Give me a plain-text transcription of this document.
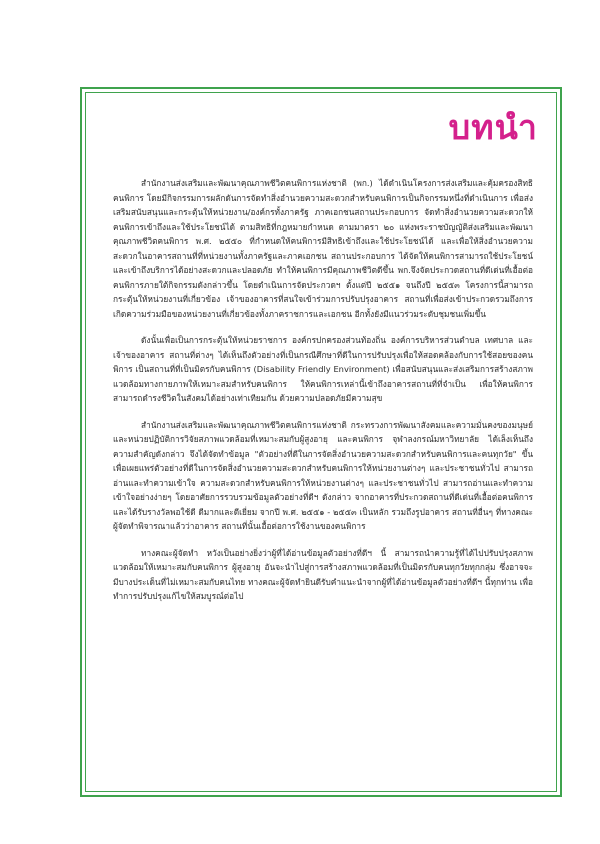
บทนำ

สำนักงานส่งเสริมและพัฒนาคุณภาพชีวิตคนพิการแห่งชาติ (พก.) ได้ดำเนินโครงการส่งเสริมและคุ้มครองสิทธิคนพิการ โดยมีกิจกรรมการผลักดันการจัดทำสิ่งอำนวยความสะดวกสำหรับคนพิการเป็นกิจกรรมหนึ่งที่ดำเนินการ เพื่อส่งเสริมสนับสนุนและกระตุ้นให้หน่วยงาน/องค์กรทั้งภาครัฐ ภาคเอกชนสถานประกอบการ จัดทำสิ่งอำนวยความสะดวกให้คนพิการเข้าถึงและใช้ประโยชน์ได้ ตามสิทธิที่กฎหมายกำหนด ตามมาตรา ๒๐ แห่งพระราชบัญญัติส่งเสริมและพัฒนาคุณภาพชีวิตคนพิการ พ.ศ. ๒๕๕๐ ที่กำหนดให้คนพิการมีสิทธิเข้าถึงและใช้ประโยชน์ได้ และเพื่อให้สิ่งอำนวยความสะดวกในอาคารสถานที่ที่หน่วยงานทั้งภาครัฐและภาคเอกชน สถานประกอบการ ได้จัดให้คนพิการสามารถใช้ประโยชน์และเข้าถึงบริการได้อย่างสะดวกและปลอดภัย ทำให้คนพิการมีคุณภาพชีวิตดีขึ้น พก.จึงจัดประกวดสถานที่ดีเด่นที่เอื้อต่อคนพิการภายใต้กิจกรรมดังกล่าวขึ้น โดยดำเนินการจัดประกวดฯ ตั้งแต่ปี ๒๕๕๑ จนถึงปี ๒๕๕๓ โครงการนี้สามารถกระตุ้นให้หน่วยงานที่เกี่ยวข้อง เจ้าของอาคารที่สนใจเข้าร่วมการปรับปรุงอาคาร สถานที่เพื่อส่งเข้าประกวดรวมถึงการเกิดความร่วมมือของหน่วยงานที่เกี่ยวข้องทั้งภาคราชการและเอกชน อีกทั้งยังมีแนวร่วมระดับชุมชนเพิ่มขึ้น

ดังนั้นเพื่อเป็นการกระตุ้นให้หน่วยราชการ องค์กรปกครองส่วนท้องถิ่น องค์การบริหารส่วนตำบล เทศบาล และเจ้าของอาคาร สถานที่ต่างๆ ได้เห็นถึงตัวอย่างที่เป็นกรณีศึกษาที่ดีในการปรับปรุงเพื่อให้สอดคล้องกับการใช้สอยของคนพิการ เป็นสถานที่ที่เป็นมิตรกับคนพิการ (Disability Friendly Environment) เพื่อสนับสนุนและส่งเสริมการสร้างสภาพแวดล้อมทางกายภาพให้เหมาะสมสำหรับคนพิการ ให้คนพิการเหล่านี้เข้าถึงอาคารสถานที่ที่จำเป็น เพื่อให้คนพิการสามารถดำรงชีวิตในสังคมได้อย่างเท่าเทียมกัน ด้วยความปลอดภัยมีความสุข

สำนักงานส่งเสริมและพัฒนาคุณภาพชีวิตคนพิการแห่งชาติ กระทรวงการพัฒนาสังคมและความมั่นคงของมนุษย์ และหน่วยปฏิบัติการวิจัยสภาพแวดล้อมที่เหมาะสมกับผู้สูงอายุ และคนพิการ จุฬาลงกรณ์มหาวิทยาลัย ได้เล็งเห็นถึงความสำคัญดังกล่าว จึงได้จัดทำข้อมูล "ตัวอย่างที่ดีในการจัดสิ่งอำนวยความสะดวกสำหรับคนพิการและคนทุกวัย" ขึ้น เพื่อเผยแพร่ตัวอย่างที่ดีในการจัดสิ่งอำนวยความสะดวกสำหรับคนพิการให้หน่วยงานต่างๆ และประชาชนทั่วไป สามารถอ่านและทำความเข้าใจ ความสะดวกสำหรับคนพิการให้หน่วยงานต่างๆ และประชาชนทั่วไป สามารถอ่านและทำความเข้าใจอย่างง่ายๆ โดยอาศัยการรวบรวมข้อมูลตัวอย่างที่ดีฯ ดังกล่าว จากอาคารที่ประกวดสถานที่ดีเด่นที่เอื้อต่อคนพิการและได้รับรางวัลพอใช้ดี ดีมากและดีเยี่ยม จากปี พ.ศ. ๒๕๕๑ - ๒๕๕๓ เป็นหลัก รวมถึงรูปอาคาร สถานที่อื่นๆ ที่ทางคณะผู้จัดทำพิจารณาแล้วว่าอาคาร สถานที่นั้นเอื้อต่อการใช้งานของคนพิการ

ทางคณะผู้จัดทำ หวังเป็นอย่างยิ่งว่าผู้ที่ได้อ่านข้อมูลตัวอย่างที่ดีฯ นี้ สามารถนำความรู้ที่ได้ไปปรับปรุงสภาพแวดล้อมให้เหมาะสมกับคนพิการ ผู้สูงอายุ อันจะนำไปสู่การสร้างสภาพแวดล้อมที่เป็นมิตรกับคนทุกวัยทุกกลุ่ม ซึ่งอาจจะมีบางประเด็นที่ไม่เหมาะสมกับคนไทย ทางคณะผู้จัดทำยินดีรับคำแนะนำจากผู้ที่ได้อ่านข้อมูลตัวอย่างที่ดีฯ นี้ทุกท่าน เพื่อทำการปรับปรุงแก้ไขให้สมบูรณ์ต่อไป
